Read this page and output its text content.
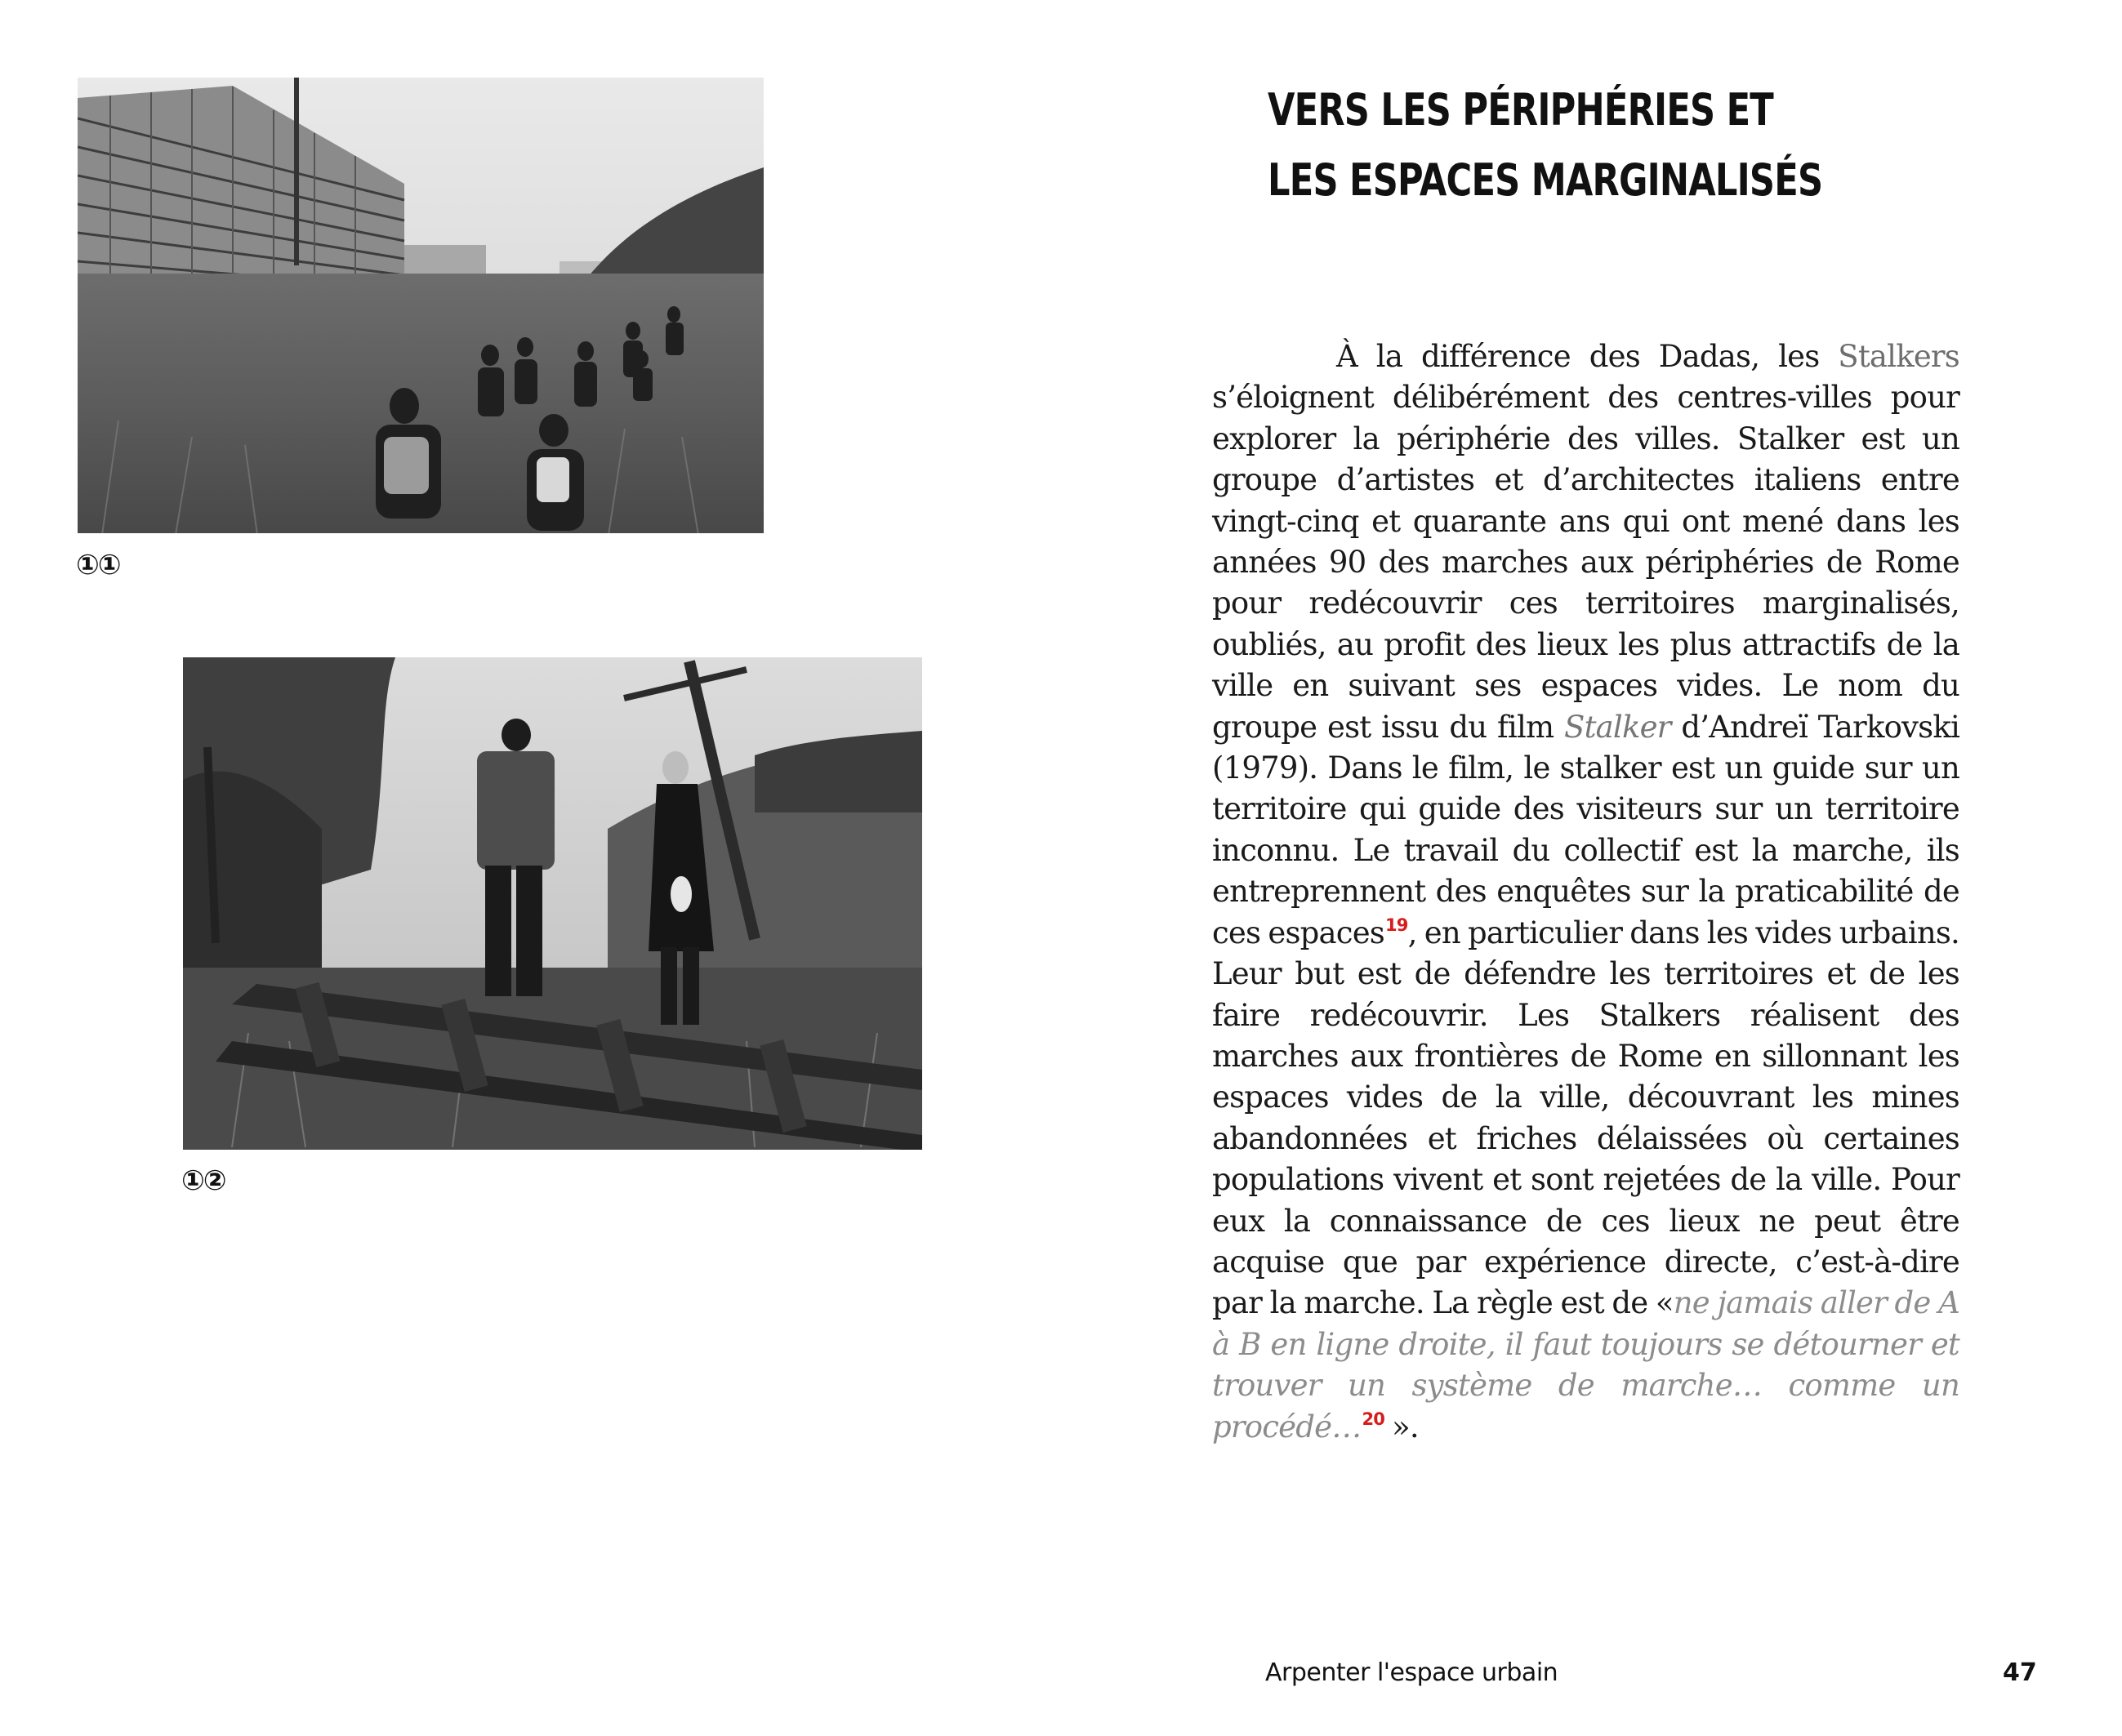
①①
①②
VERS LES PÉRIPHÉRIES ET
LES ESPACES MARGINALISÉS

À la différence des Dadas, les Stalkers s’éloignent délibérément des centres-villes pour explorer la périphérie des villes. Stalker est un groupe d’artistes et d’architectes italiens entre vingt-cinq et quarante ans qui ont mené dans les années 90 des marches aux périphéries de Rome pour redécouvrir ces territoires marginalisés, oubliés, au profit des lieux les plus attractifs de la ville en suivant ses espaces vides. Le nom du groupe est issu du film Stalker d’Andreï Tarkovski (1979). Dans le film, le stalker est un guide sur un territoire qui guide des visiteurs sur un territoire inconnu. Le travail du collectif est la marche, ils entreprennent des enquêtes sur la praticabilité de ces espaces$^{19}$, en particulier dans les vides urbains. Leur but est de défendre les territoires et de les faire redécouvrir. Les Stalkers réalisent des marches aux frontières de Rome en sillonnant les espaces vides de la ville, découvrant les mines abandonnées et friches délaissées où certaines populations vivent et sont rejetées de la ville. Pour eux la connaissance de ces lieux ne peut être acquise que par expérience directe, c’est-à-dire par la marche. La règle est de «ne jamais aller de A à B en ligne droite, il faut toujours se détourner et trouver un système de marche… comme un procédé…$^{20}$ ».

Arpenter l'espace urbain	47
